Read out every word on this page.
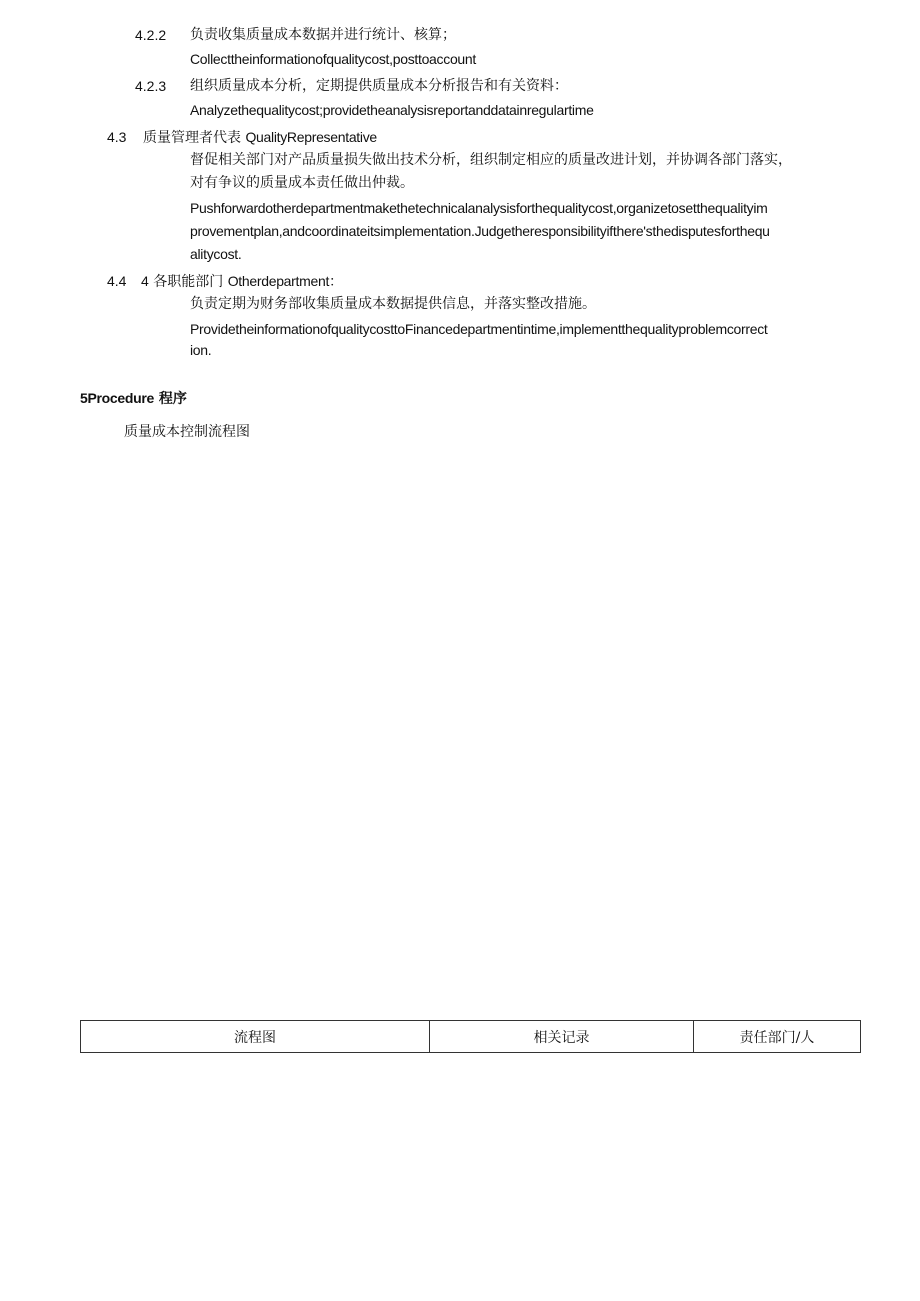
4.2.2 负责收集质量成本数据并进行统计、核算；
Collecttheinformationofqualitycost,posttoaccount
4.2.3 组织质量成本分析，定期提供质量成本分析报告和有关资料：
Analyzethequalitycost;providetheanalysisreportanddatainregulartime
4.3 质量管理者代表 QualityRepresentative
督促相关部门对产品质量损失做出技术分析，组织制定相应的质量改进计划，并协调各部门落实，
对有争议的质量成本责任做出仲裁。
Pushforwardotherdepartmentmakethetechnicalanalysisforthequalitycost,organizetosetthequalityim
provementplan,andcoordinateitsimplementation.Judgetheresponsibilityifthere'sthedisputesforthequ
alitycost.
4.4 4 各职能部门 Otherdepartment：
负责定期为财务部收集质量成本数据提供信息，并落实整改措施。
ProvidetheinformationofqualitycosttoFinancedepartmentintime,implementthequalityproblemcorrect
ion.
5Procedure 程序
质量成本控制流程图
流程图	相关记录	责任部门/人
